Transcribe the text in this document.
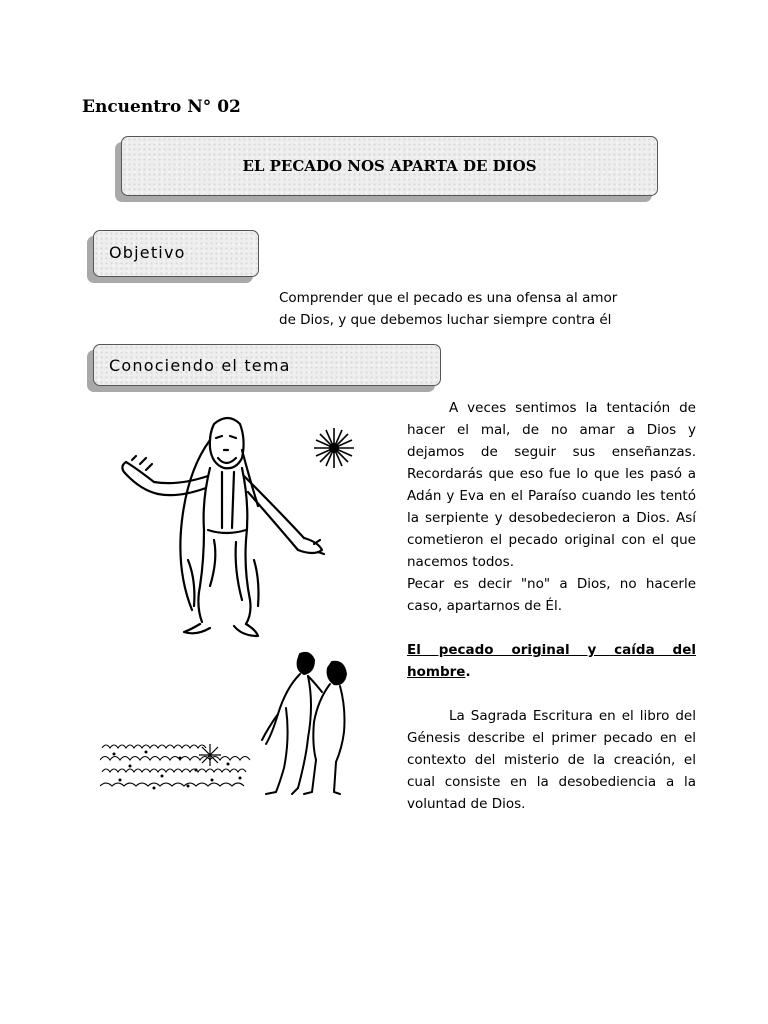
Encuentro N° 02
EL PECADO NOS APARTA DE DIOS
Objetivo
Comprender que el pecado es una ofensa al amor
de Dios, y que debemos luchar siempre contra él
Conociendo el tema

A veces sentimos la tentación de hacer el mal, de no amar a Dios y dejamos de seguir sus enseñanzas. Recordarás que eso fue lo que les pasó a Adán y Eva en el Paraíso cuando les tentó la serpiente y desobedecieron a Dios. Así cometieron el pecado original con el que nacemos todos.

Pecar es decir "no" a Dios, no hacerle caso, apartarnos de Él.

El pecado original y caída del hombre.

La Sagrada Escritura en el libro del Génesis describe el primer pecado en el contexto del misterio de la creación, el cual consiste en la desobediencia a la voluntad de Dios.
